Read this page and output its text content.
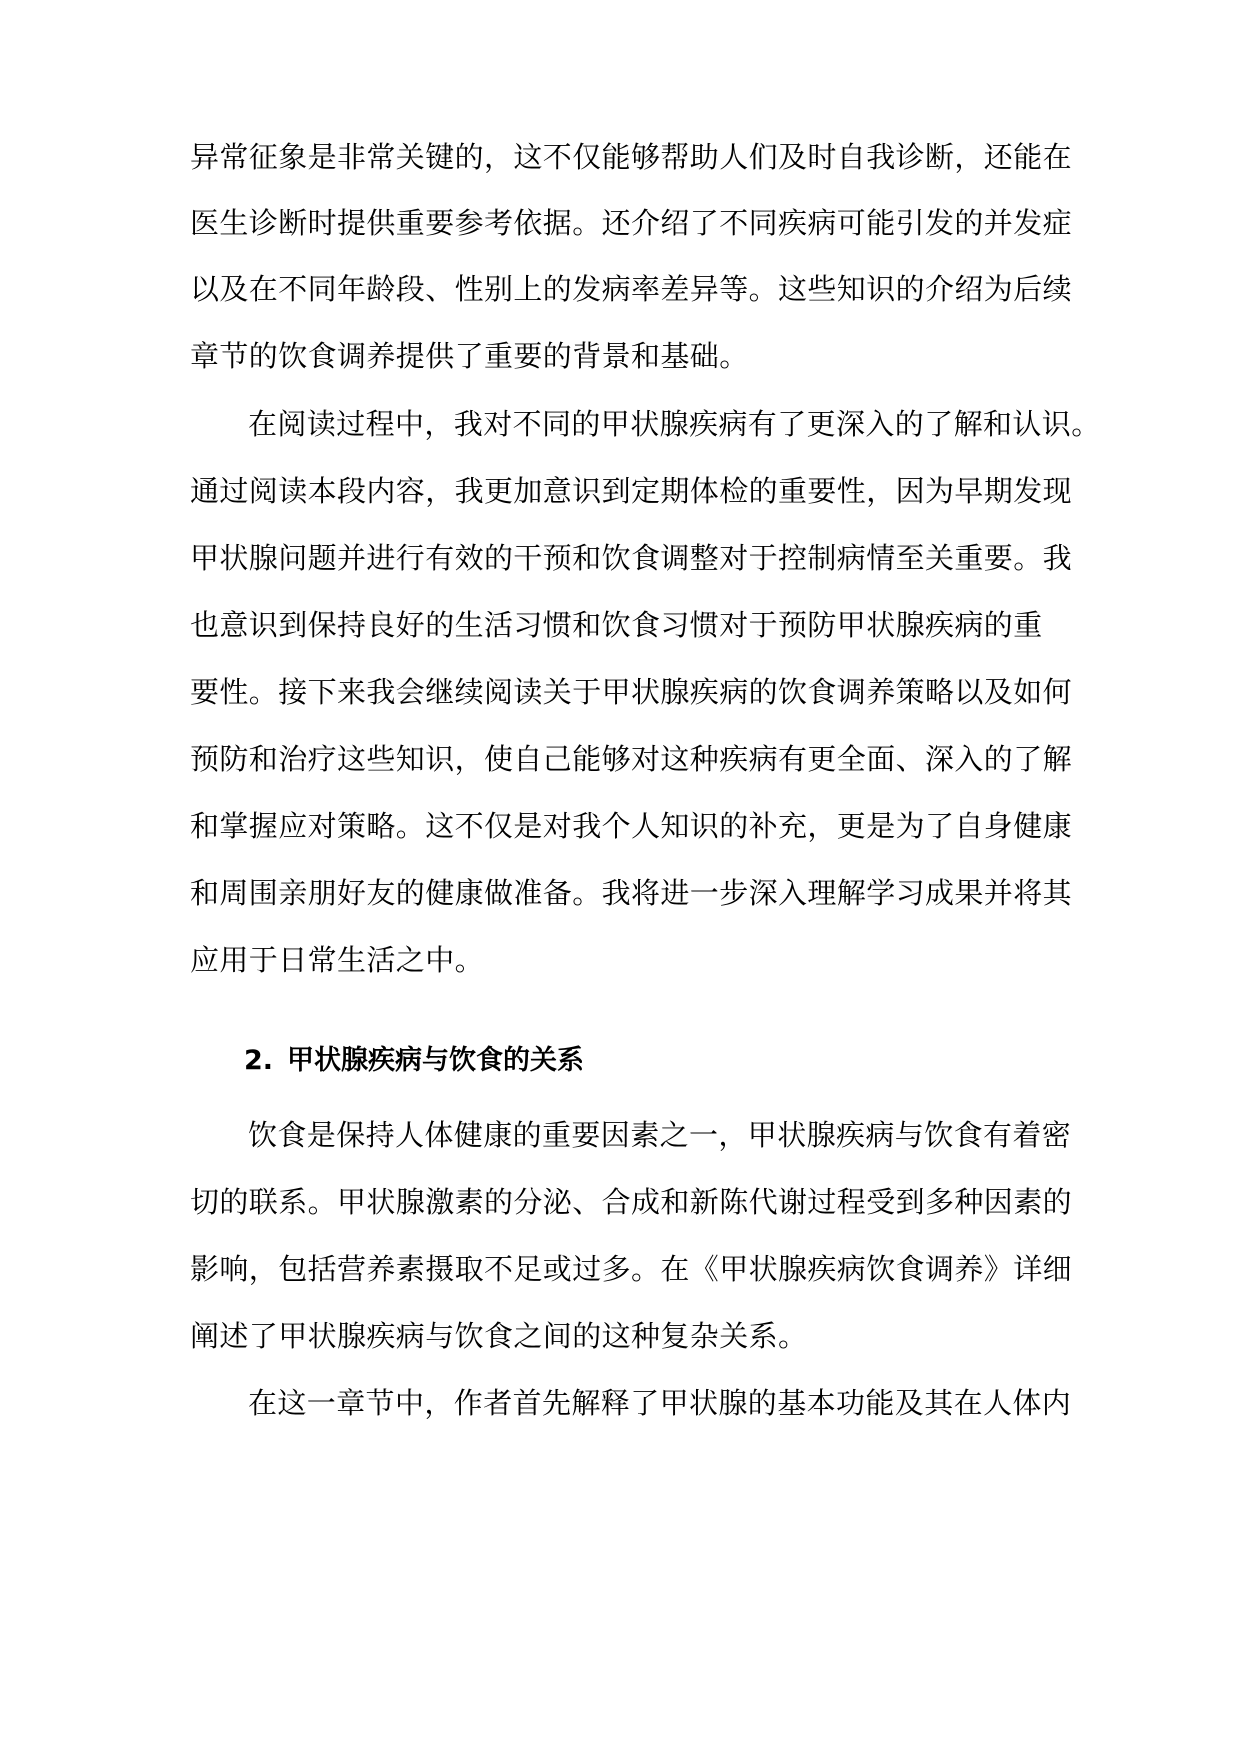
异常征象是非常关键的，这不仅能够帮助人们及时自我诊断，还能在
医生诊断时提供重要参考依据。还介绍了不同疾病可能引发的并发症
以及在不同年龄段、性别上的发病率差异等。这些知识的介绍为后续
章节的饮食调养提供了重要的背景和基础。
在阅读过程中，我对不同的甲状腺疾病有了更深入的了解和认识。
通过阅读本段内容，我更加意识到定期体检的重要性，因为早期发现
甲状腺问题并进行有效的干预和饮食调整对于控制病情至关重要。我
也意识到保持良好的生活习惯和饮食习惯对于预防甲状腺疾病的重
要性。接下来我会继续阅读关于甲状腺疾病的饮食调养策略以及如何
预防和治疗这些知识，使自己能够对这种疾病有更全面、深入的了解
和掌握应对策略。这不仅是对我个人知识的补充，更是为了自身健康
和周围亲朋好友的健康做准备。我将进一步深入理解学习成果并将其
应用于日常生活之中。
2. 甲状腺疾病与饮食的关系
饮食是保持人体健康的重要因素之一，甲状腺疾病与饮食有着密
切的联系。甲状腺激素的分泌、合成和新陈代谢过程受到多种因素的
影响，包括营养素摄取不足或过多。在《甲状腺疾病饮食调养》详细
阐述了甲状腺疾病与饮食之间的这种复杂关系。
在这一章节中，作者首先解释了甲状腺的基本功能及其在人体内
